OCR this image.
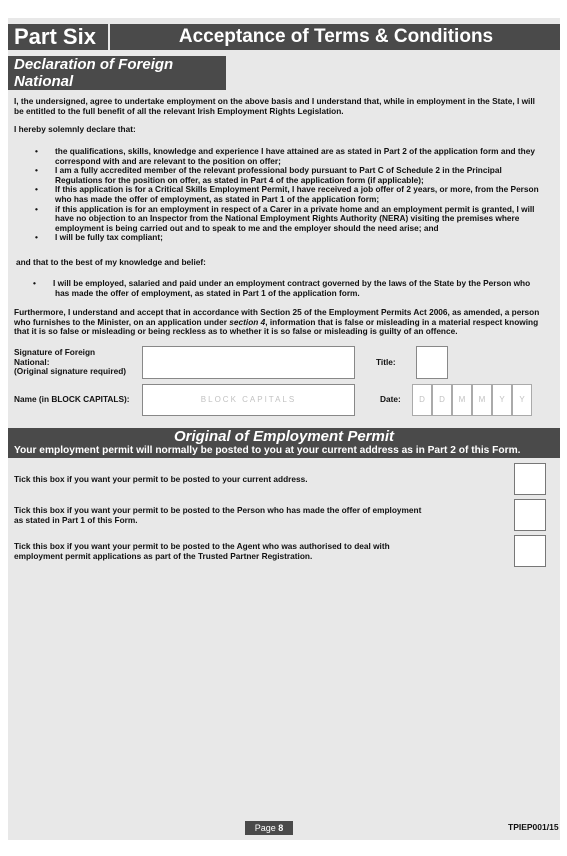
Part Six	Acceptance of Terms & Conditions
Declaration of Foreign
National
I, the undersigned, agree to undertake employment on the above basis and I understand that, while in employment in the State, I will
be entitled to the full benefit of all the relevant Irish Employment Rights Legislation.
I hereby solemnly declare that:
• the qualifications, skills, knowledge and experience I have attained are as stated in Part 2 of the application form and they
correspond with and are relevant to the position on offer;
• I am a fully accredited member of the relevant professional body pursuant to Part C of Schedule 2 in the Principal
Regulations for the position on offer, as stated in Part 4 of the application form (if applicable);
• If this application is for a Critical Skills Employment Permit, I have received a job offer of 2 years, or more, from the Person
who has made the offer of employment, as stated in Part 1 of the application form;
• if this application is for an employment in respect of a Carer in a private home and an employment permit is granted, I will
have no objection to an Inspector from the National Employment Rights Authority (NERA) visiting the premises where
employment is being carried out and to speak to me and the employer should the need arise; and
• I will be fully tax compliant;
and that to the best of my knowledge and belief:
• I will be employed, salaried and paid under an employment contract governed by the laws of the State by the Person who
has made the offer of employment, as stated in Part 1 of the application form.
Furthermore, I understand and accept that in accordance with Section 25 of the Employment Permits Act 2006, as amended, a person
who furnishes to the Minister, on an application under section 4, information that is false or misleading in a material respect knowing
that it is so false or misleading or being reckless as to whether it is so false or misleading is guilty of an offence.
Signature of Foreign
National:
(Original signature required)
Title:
Name (in BLOCK CAPITALS):	BLOCK CAPITALS	Date:	D	D	M	M	Y	Y
Original of Employment Permit
Your employment permit will normally be posted to you at your current address as in Part 2 of this Form.
Tick this box if you want your permit to be posted to your current address.
Tick this box if you want your permit to be posted to the Person who has made the offer of employment
as stated in Part 1 of this Form.
Tick this box if you want your permit to be posted to the Agent who was authorised to deal with
employment permit applications as part of the Trusted Partner Registration.
Page 8	TPIEP001/15
